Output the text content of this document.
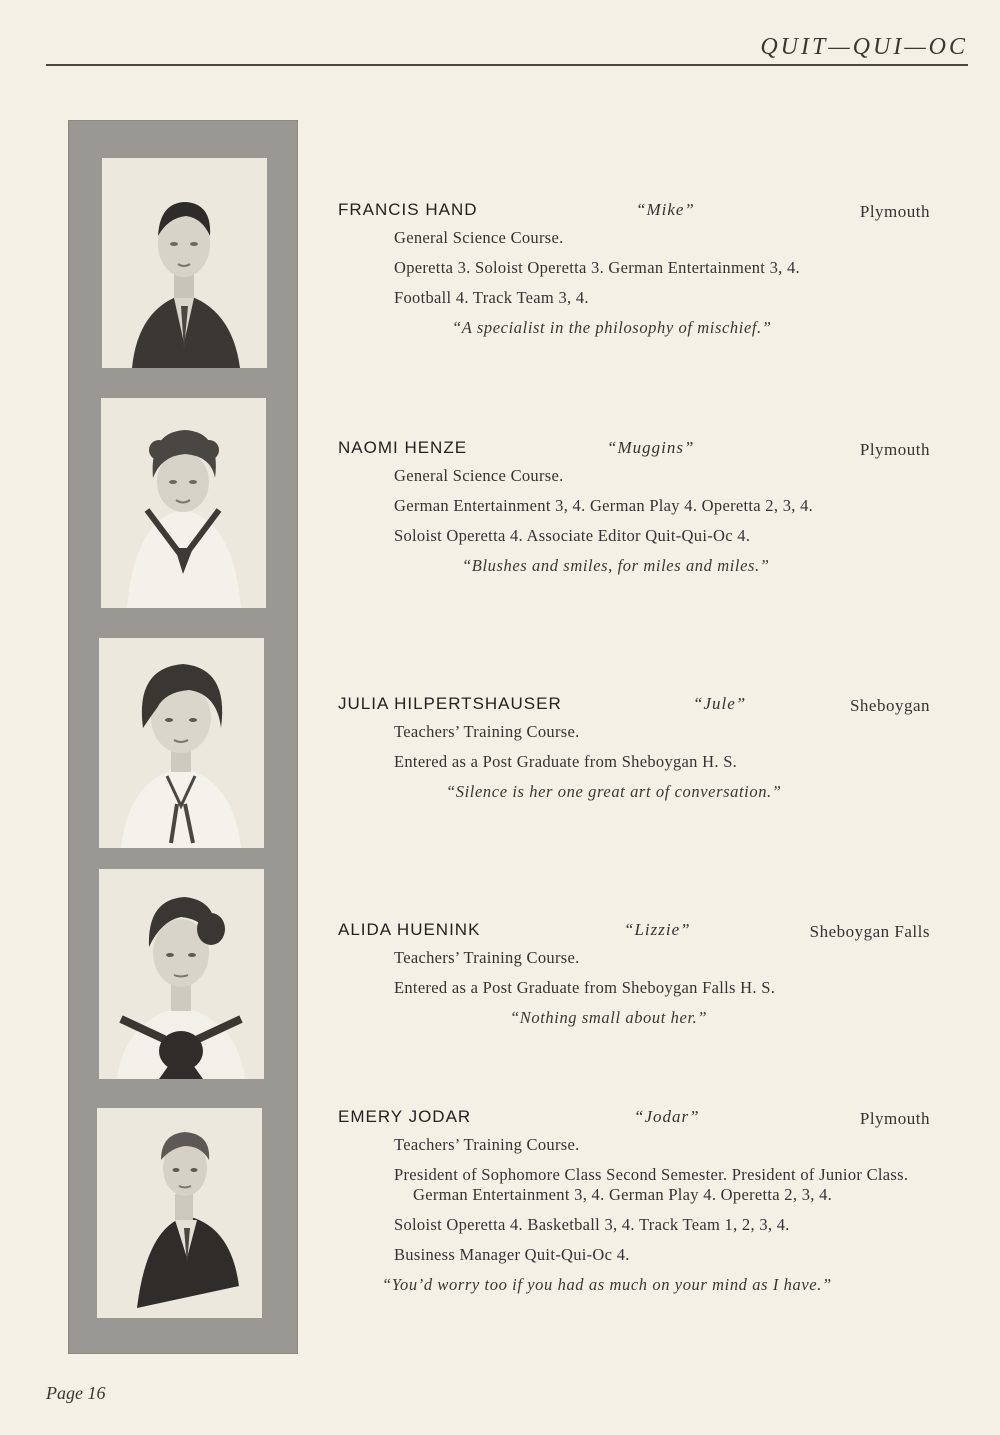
QUIT—QUI—OC
FRANCIS HAND	“Mike”	Plymouth
General Science Course.
Operetta 3. Soloist Operetta 3. German Entertainment 3, 4.
Football 4. Track Team 3, 4.
“A specialist in the philosophy of mischief.”
NAOMI HENZE	“Muggins”	Plymouth
General Science Course.
German Entertainment 3, 4. German Play 4. Operetta 2, 3, 4.
Soloist Operetta 4. Associate Editor Quit-Qui-Oc 4.
“Blushes and smiles, for miles and miles.”
JULIA HILPERTSHAUSER	“Jule”	Sheboygan
Teachers’ Training Course.
Entered as a Post Graduate from Sheboygan H. S.
“Silence is her one great art of conversation.”
ALIDA HUENINK	“Lizzie”	Sheboygan Falls
Teachers’ Training Course.
Entered as a Post Graduate from Sheboygan Falls H. S.
“Nothing small about her.”
EMERY JODAR	“Jodar”	Plymouth
Teachers’ Training Course.
President of Sophomore Class Second Semester. President of Junior Class. German Entertainment 3, 4. German Play 4. Operetta 2, 3, 4.
Soloist Operetta 4. Basketball 3, 4. Track Team 1, 2, 3, 4.
Business Manager Quit-Qui-Oc 4.
“You’d worry too if you had as much on your mind as I have.”
Page 16
